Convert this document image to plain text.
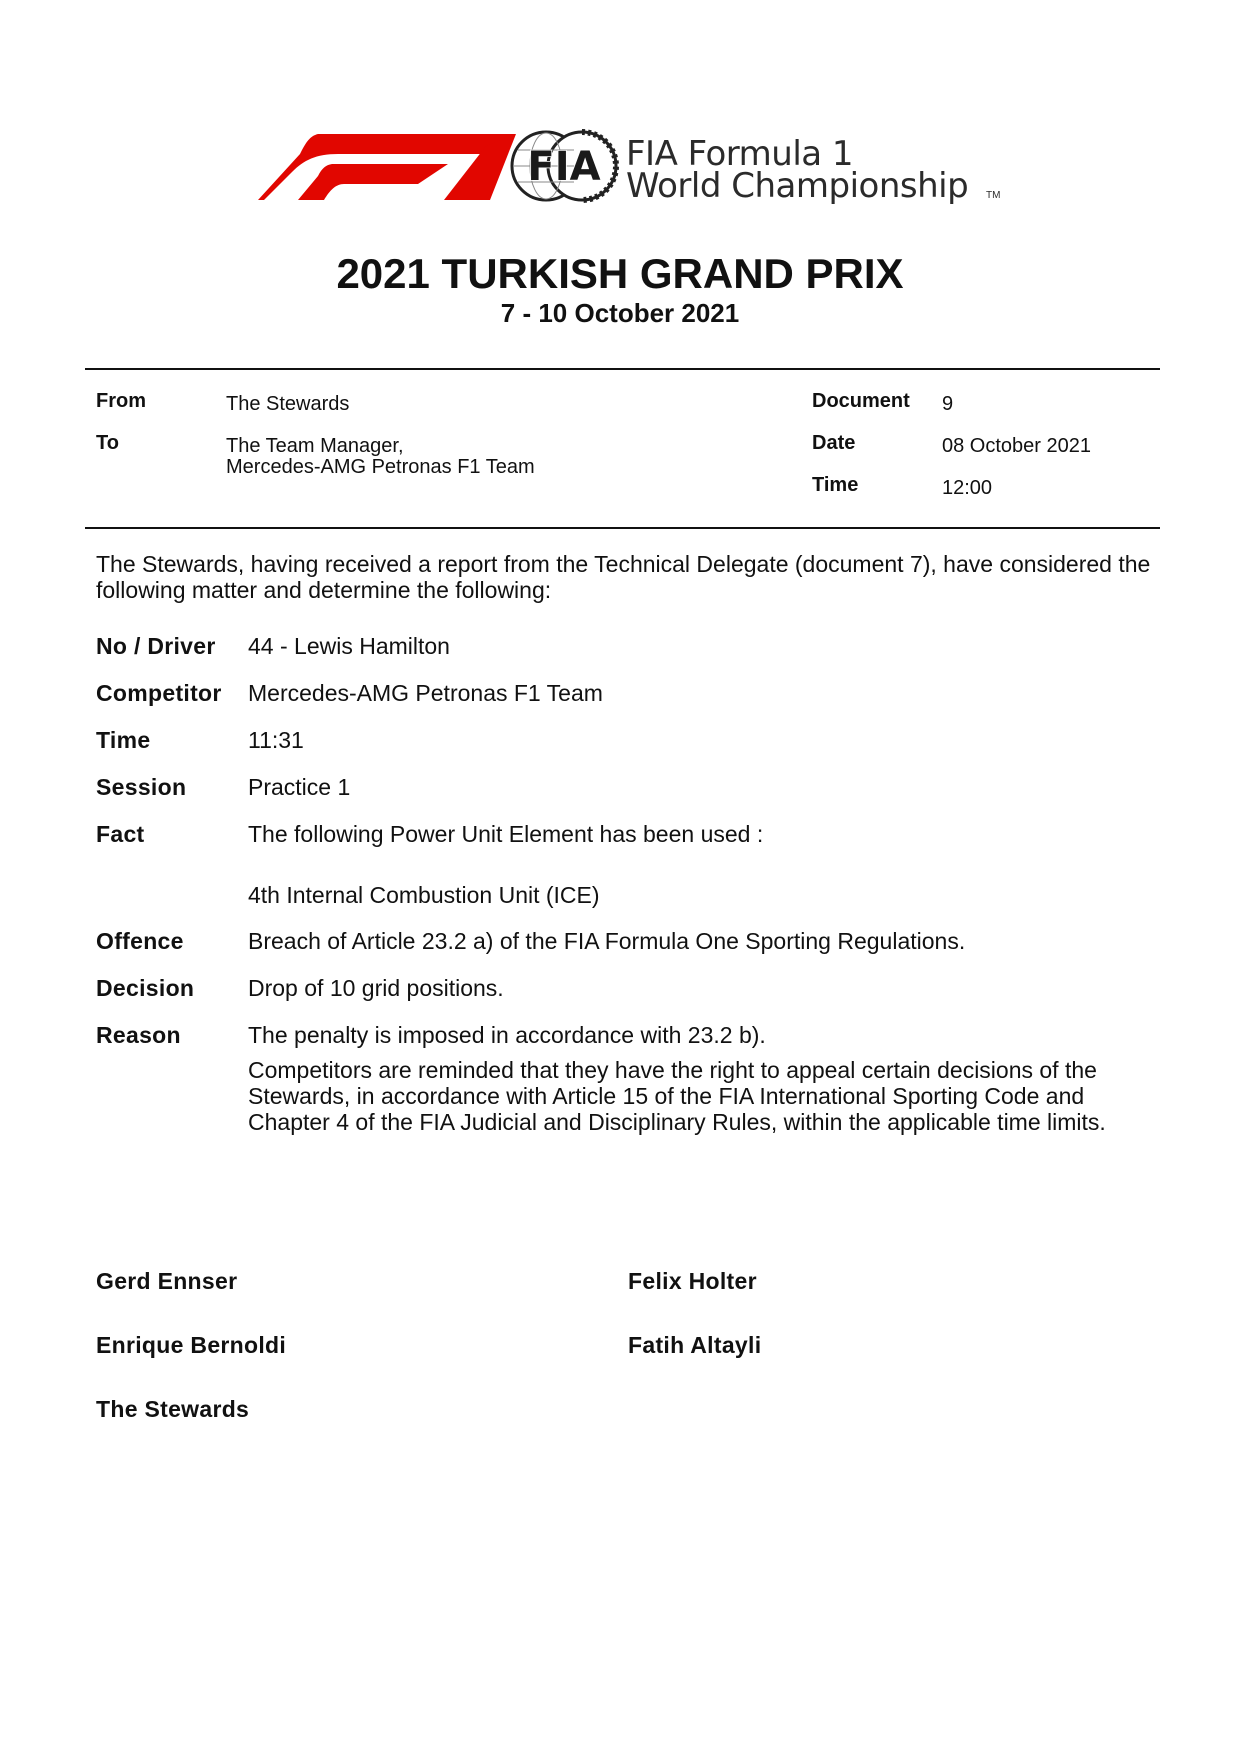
FIA FIA Formula 1
World Championship TM
2021 TURKISH GRAND PRIX
7 - 10 October 2021
From	The Stewards
To	The Team Manager,
Mercedes-AMG Petronas F1 Team
Document 9
Date	08 October 2021
Time	12:00
The Stewards, having received a report from the Technical Delegate (document 7), have considered the following matter and determine the following:
No / Driver 44 - Lewis Hamilton
Competitor Mercedes-AMG Petronas F1 Team
Time	11:31
Session	Practice 1
Fact	The following Power Unit Element has been used :
4th Internal Combustion Unit (ICE)
Offence	Breach of Article 23.2 a) of the FIA Formula One Sporting Regulations.
Decision Drop of 10 grid positions.
Reason	The penalty is imposed in accordance with 23.2 b).
Competitors are reminded that they have the right to appeal certain decisions of the Stewards, in accordance with Article 15 of the FIA International Sporting Code and Chapter 4 of the FIA Judicial and Disciplinary Rules, within the applicable time limits.
Gerd Ennser	Felix Holter
Enrique Bernoldi	Fatih Altayli
The Stewards
